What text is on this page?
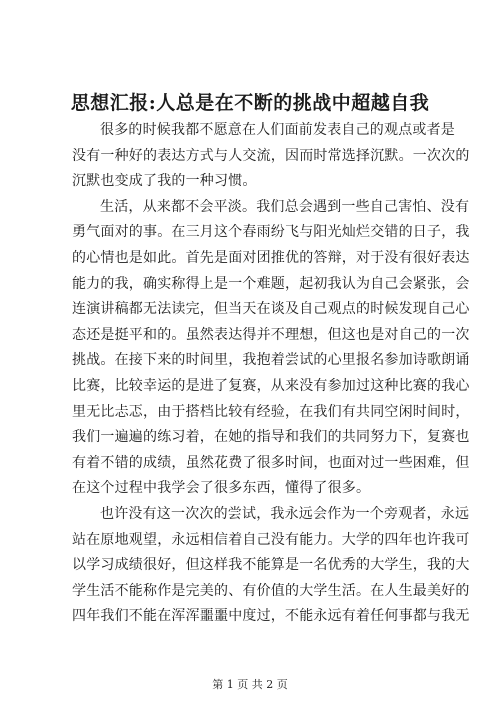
思想汇报:人总是在不断的挑战中超越自我
很多的时候我都不愿意在人们面前发表自己的观点或者是
没有一种好的表达方式与人交流，因而时常选择沉默。一次次的
沉默也变成了我的一种习惯。
生活，从来都不会平淡。我们总会遇到一些自己害怕、没有
勇气面对的事。在三月这个春雨纷飞与阳光灿烂交错的日子，我
的心情也是如此。首先是面对团推优的答辩，对于没有很好表达
能力的我，确实称得上是一个难题，起初我认为自己会紧张，会
连演讲稿都无法读完，但当天在谈及自己观点的时候发现自己心
态还是挺平和的。虽然表达得并不理想，但这也是对自己的一次
挑战。在接下来的时间里，我抱着尝试的心里报名参加诗歌朗诵
比赛，比较幸运的是进了复赛，从来没有参加过这种比赛的我心
里无比忐忑，由于搭档比较有经验，在我们有共同空闲时间时，
我们一遍遍的练习着，在她的指导和我们的共同努力下，复赛也
有着不错的成绩，虽然花费了很多时间，也面对过一些困难，但
在这个过程中我学会了很多东西，懂得了很多。
也许没有这一次次的尝试，我永远会作为一个旁观者，永远
站在原地观望，永远相信着自己没有能力。大学的四年也许我可
以学习成绩很好，但这样我不能算是一名优秀的大学生，我的大
学生活不能称作是完美的、有价值的大学生活。在人生最美好的
四年我们不能在浑浑噩噩中度过，不能永远有着任何事都与我无
第 1 页 共 2 页
